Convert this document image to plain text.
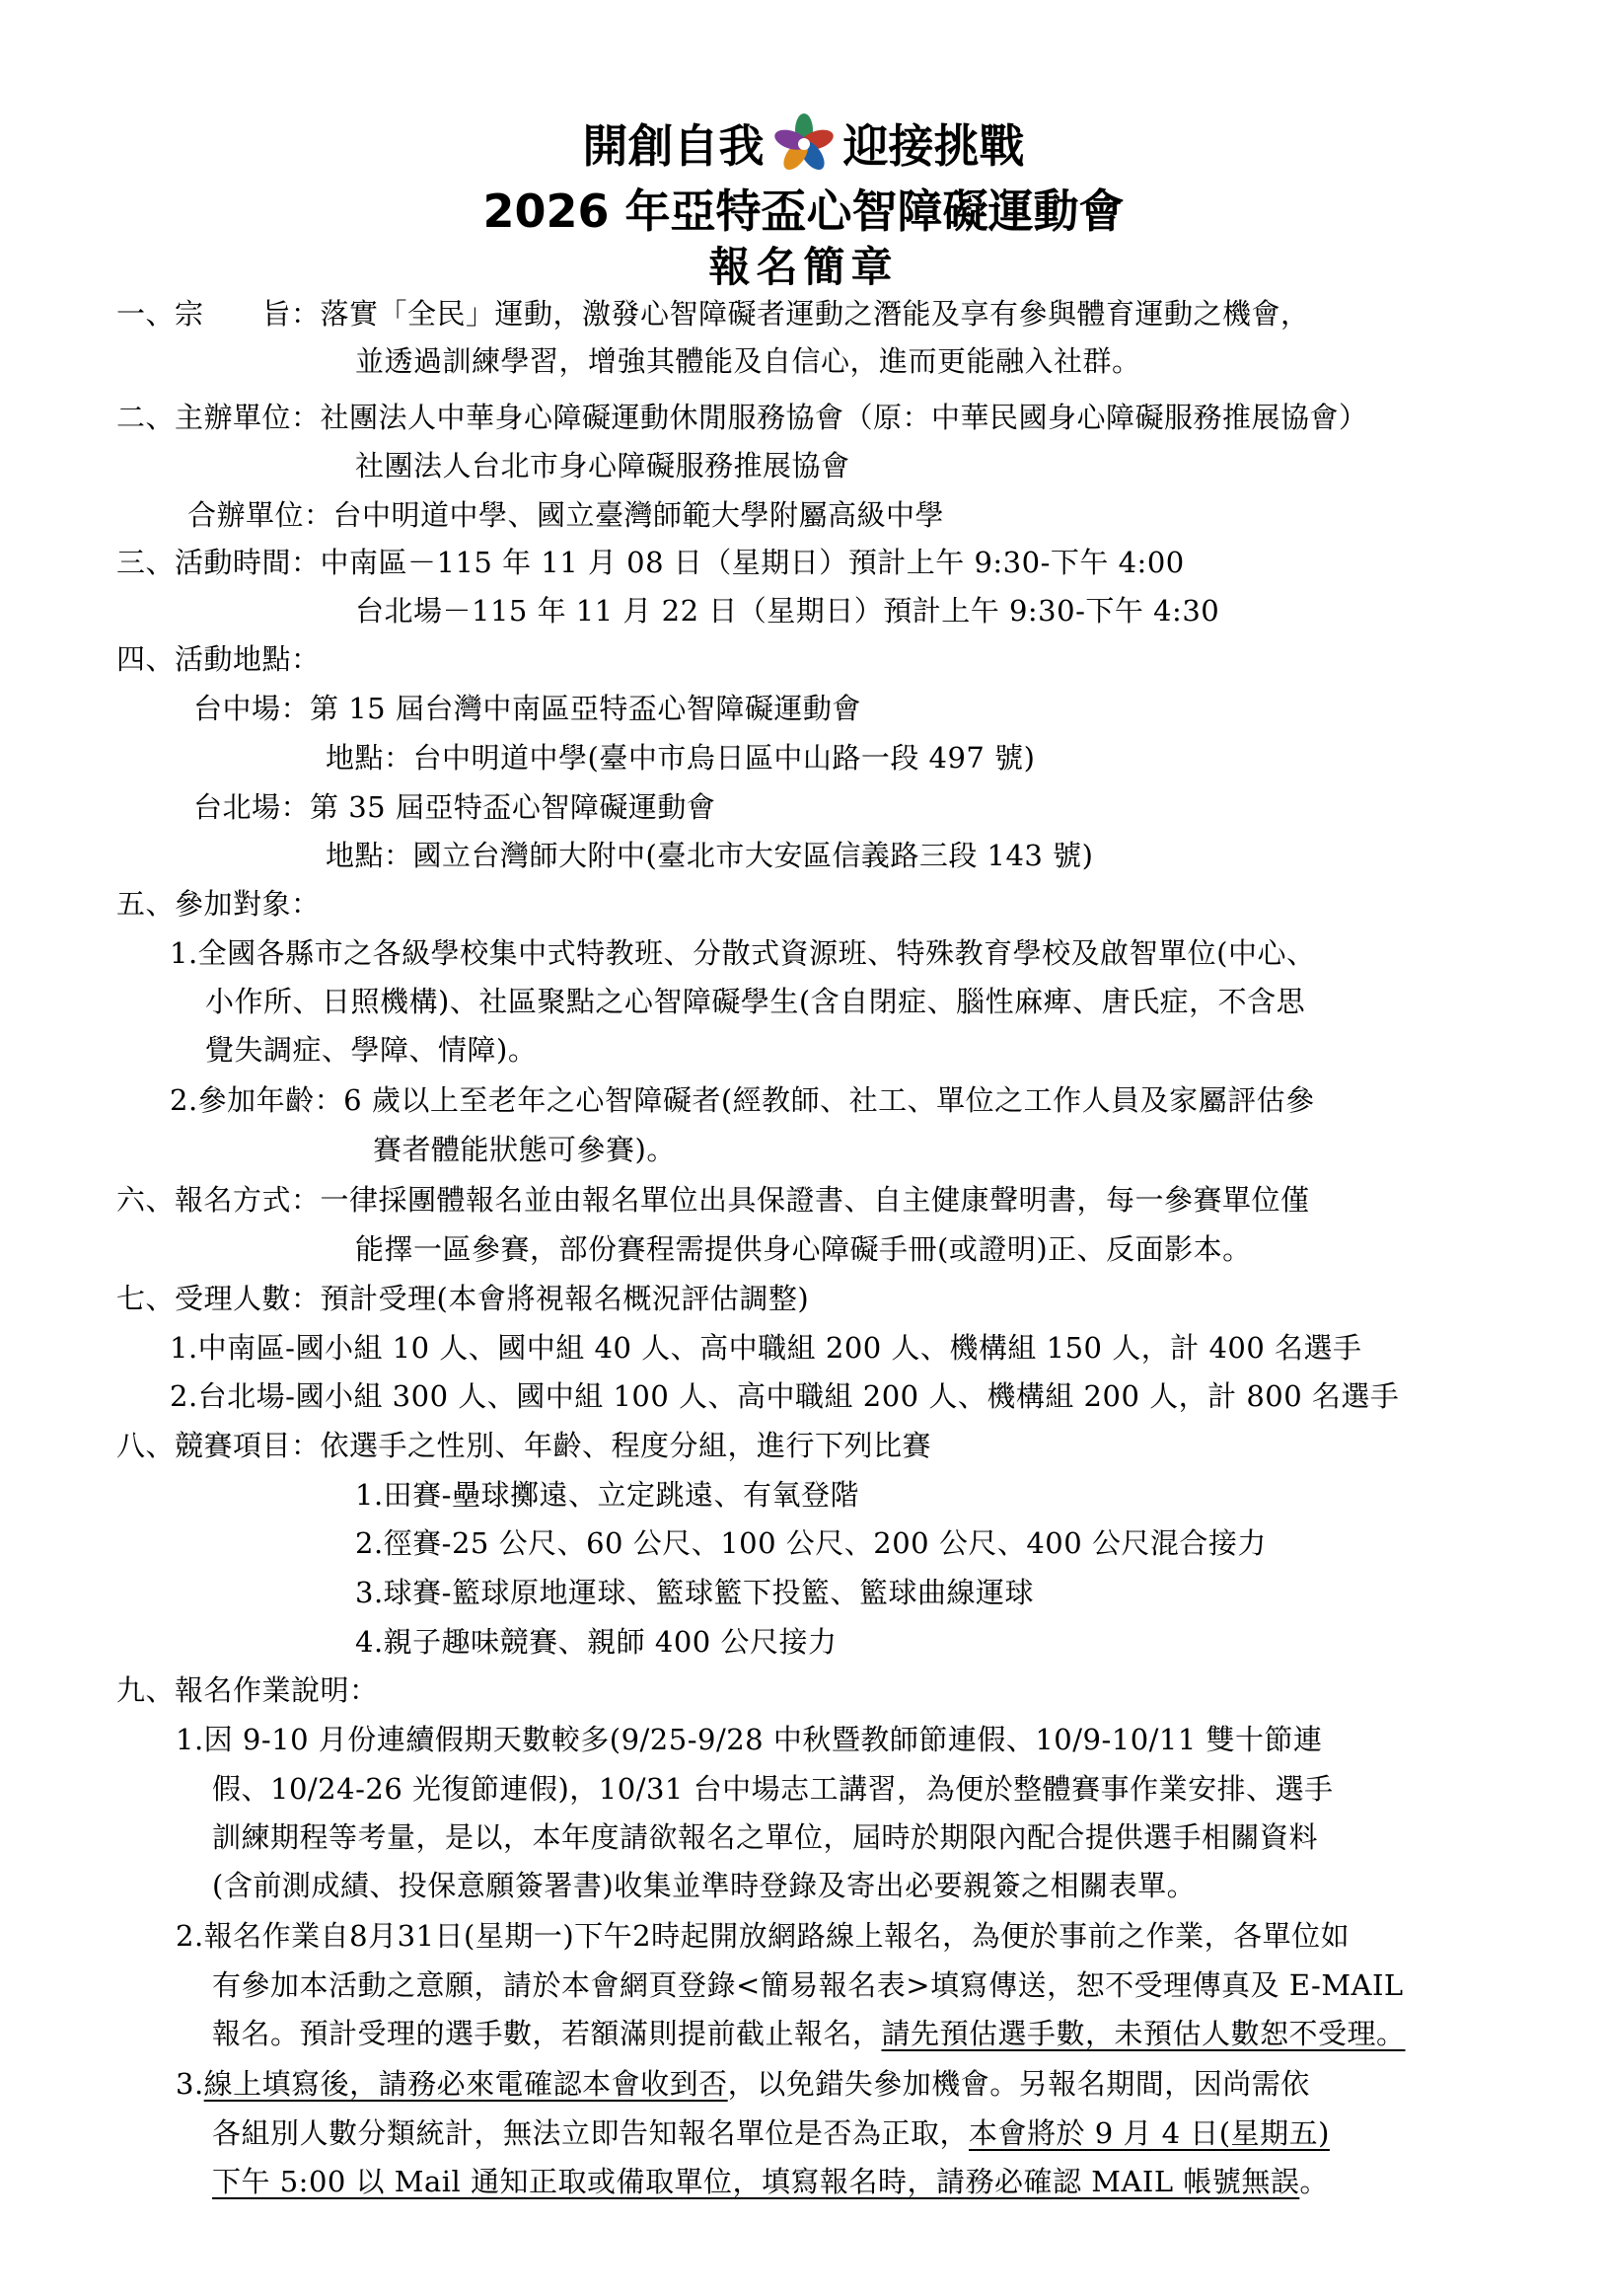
開創自我 迎接挑戰
2026 年亞特盃心智障礙運動會
報名簡章
一、宗　　旨：落實「全民」運動，激發心智障礙者運動之潛能及享有參與體育運動之機會，
並透過訓練學習，增強其體能及自信心，進而更能融入社群。
二、主辦單位：社團法人中華身心障礙運動休閒服務協會（原：中華民國身心障礙服務推展協會）
社團法人台北市身心障礙服務推展協會
合辦單位：台中明道中學、國立臺灣師範大學附屬高級中學
三、活動時間：中南區－115 年 11 月 08 日（星期日）預計上午 9:30-下午 4:00
台北場－115 年 11 月 22 日（星期日）預計上午 9:30-下午 4:30
四、活動地點：
台中場：第 15 屆台灣中南區亞特盃心智障礙運動會
地點：台中明道中學(臺中市烏日區中山路一段 497 號)
台北場：第 35 屆亞特盃心智障礙運動會
地點：國立台灣師大附中(臺北市大安區信義路三段 143 號)
五、參加對象：
1.全國各縣市之各級學校集中式特教班、分散式資源班、特殊教育學校及啟智單位(中心、
小作所、日照機構)、社區聚點之心智障礙學生(含自閉症、腦性麻痺、唐氏症，不含思
覺失調症、學障、情障)。
2.參加年齡：6 歲以上至老年之心智障礙者(經教師、社工、單位之工作人員及家屬評估參
賽者體能狀態可參賽)。
六、報名方式：一律採團體報名並由報名單位出具保證書、自主健康聲明書，每一參賽單位僅
能擇一區參賽，部份賽程需提供身心障礙手冊(或證明)正、反面影本。
七、受理人數：預計受理(本會將視報名概況評估調整)
1.中南區-國小組 10 人、國中組 40 人、高中職組 200 人、機構組 150 人，計 400 名選手
2.台北場-國小組 300 人、國中組 100 人、高中職組 200 人、機構組 200 人，計 800 名選手
八、競賽項目：依選手之性別、年齡、程度分組，進行下列比賽
1.田賽-壘球擲遠、立定跳遠、有氧登階
2.徑賽-25 公尺、60 公尺、100 公尺、200 公尺、400 公尺混合接力
3.球賽-籃球原地運球、籃球籃下投籃、籃球曲線運球
4.親子趣味競賽、親師 400 公尺接力
九、報名作業說明：
1.因 9-10 月份連續假期天數較多(9/25-9/28 中秋暨教師節連假、10/9-10/11 雙十節連
假、10/24-26 光復節連假)，10/31 台中場志工講習，為便於整體賽事作業安排、選手
訓練期程等考量，是以，本年度請欲報名之單位，屆時於期限內配合提供選手相關資料
(含前測成績、投保意願簽署書)收集並準時登錄及寄出必要親簽之相關表單。
2.報名作業自8月31日(星期一)下午2時起開放網路線上報名，為便於事前之作業，各單位如
有參加本活動之意願，請於本會網頁登錄<簡易報名表>填寫傳送，恕不受理傳真及 E-MAIL
報名。預計受理的選手數，若額滿則提前截止報名，請先預估選手數，未預估人數恕不受理。
3.線上填寫後，請務必來電確認本會收到否，以免錯失參加機會。另報名期間，因尚需依
各組別人數分類統計，無法立即告知報名單位是否為正取，本會將於 9 月 4 日(星期五)
下午 5:00 以 Mail 通知正取或備取單位，填寫報名時，請務必確認 MAIL 帳號無誤。
